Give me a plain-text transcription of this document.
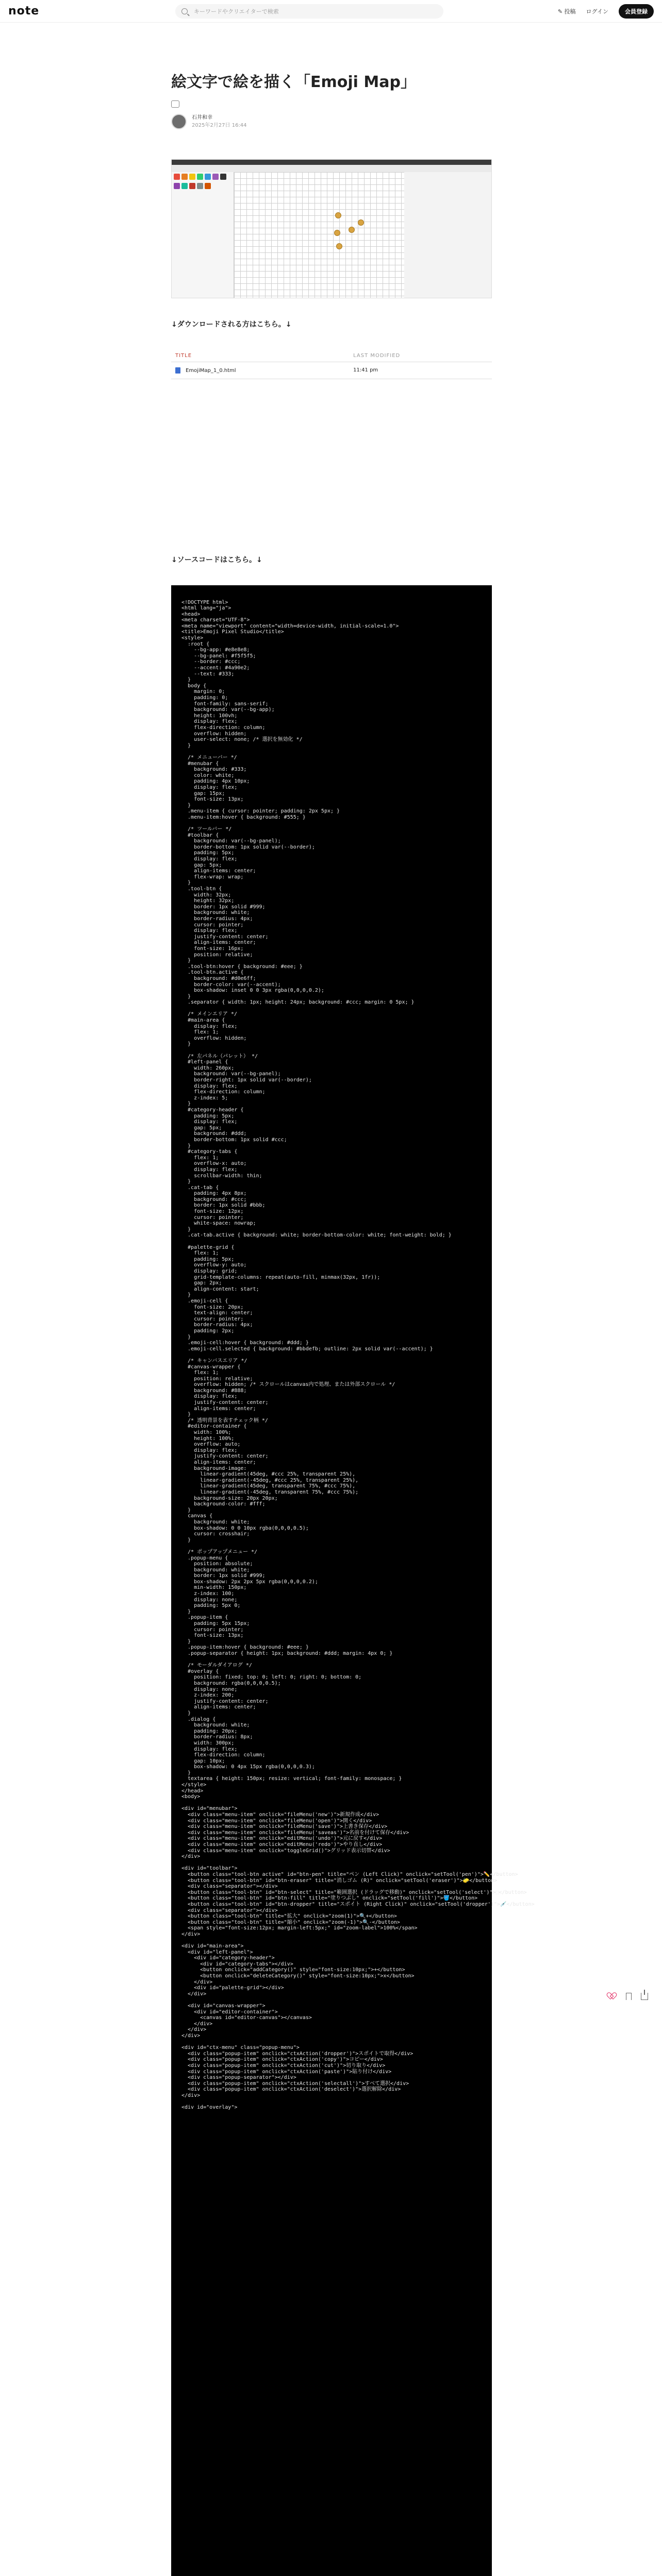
note	キーワードやクリエイターで検索	✎ 投稿 ログイン	会員登録
絵文字で絵を描く「Emoji Map」
石井和幸
2025年2月27日 16:44
↓ダウンロードされる方はこちら。↓
TITLE	LAST MODIFIED
EmojiMap_1_0.html	11:41 pm
↓ソースコードはこちら。↓
<!DOCTYPE html>
<html lang="ja">
<head>
<meta charset="UTF-8">
<meta name="viewport" content="width=device-width, initial-scale=1.0">
<title>Emoji Pixel Studio</title>
<style>
:root {
--bg-app: #e8e8e8;
--bg-panel: #f5f5f5;
--border: #ccc;
--accent: #4a90e2;
--text: #333;
}
body {
margin: 0;
padding: 0;
font-family: sans-serif;
background: var(--bg-app);
height: 100vh;
display: flex;
flex-direction: column;
overflow: hidden;
user-select: none; /* 選択を無効化 */
}

/* メニューバー */
#menubar {
background: #333;
color: white;
padding: 4px 10px;
display: flex;
gap: 15px;
font-size: 13px;
}
.menu-item { cursor: pointer; padding: 2px 5px; }
.menu-item:hover { background: #555; }

/* ツールバー */
#toolbar {
background: var(--bg-panel);
border-bottom: 1px solid var(--border);
padding: 5px;
display: flex;
gap: 5px;
align-items: center;
flex-wrap: wrap;
}
.tool-btn {
width: 32px;
height: 32px;
border: 1px solid #999;
background: white;
border-radius: 4px;
cursor: pointer;
display: flex;
justify-content: center;
align-items: center;
font-size: 16px;
position: relative;
}
.tool-btn:hover { background: #eee; }
.tool-btn.active {
background: #d0e6ff;
border-color: var(--accent);
box-shadow: inset 0 0 3px rgba(0,0,0,0.2);
}
.separator { width: 1px; height: 24px; background: #ccc; margin: 0 5px; }

/* メインエリア */
#main-area {
display: flex;
flex: 1;
overflow: hidden;
}

/* 左パネル（パレット） */
#left-panel {
width: 260px;
background: var(--bg-panel);
border-right: 1px solid var(--border);
display: flex;
flex-direction: column;
z-index: 5;
}
#category-header {
padding: 5px;
display: flex;
gap: 5px;
background: #ddd;
border-bottom: 1px solid #ccc;
}
#category-tabs {
flex: 1;
overflow-x: auto;
display: flex;
scrollbar-width: thin;
}
.cat-tab {
padding: 4px 8px;
background: #ccc;
border: 1px solid #bbb;
font-size: 12px;
cursor: pointer;
white-space: nowrap;
}
.cat-tab.active { background: white; border-bottom-color: white; font-weight: bold; }

#palette-grid {
flex: 1;
padding: 5px;
overflow-y: auto;
display: grid;
grid-template-columns: repeat(auto-fill, minmax(32px, 1fr));
gap: 2px;
align-content: start;
}
.emoji-cell {
font-size: 20px;
text-align: center;
cursor: pointer;
border-radius: 4px;
padding: 2px;
}
.emoji-cell:hover { background: #ddd; }
.emoji-cell.selected { background: #bbdefb; outline: 2px solid var(--accent); }

/* キャンバスエリア */
#canvas-wrapper {
flex: 1;
position: relative;
overflow: hidden; /* スクロールはcanvas内で処理、または外部スクロール */
background: #888;
display: flex;
justify-content: center;
align-items: center;
}
/* 透明背景を表すチェック柄 */
#editor-container {
width: 100%;
height: 100%;
overflow: auto;
display: flex;
justify-content: center;
align-items: center;
background-image:
linear-gradient(45deg, #ccc 25%, transparent 25%),
linear-gradient(-45deg, #ccc 25%, transparent 25%),
linear-gradient(45deg, transparent 75%, #ccc 75%),
linear-gradient(-45deg, transparent 75%, #ccc 75%);
background-size: 20px 20px;
background-color: #fff;
}
canvas {
background: white;
box-shadow: 0 0 10px rgba(0,0,0,0.5);
cursor: crosshair;
}

/* ポップアップメニュー */
.popup-menu {
position: absolute;
background: white;
border: 1px solid #999;
box-shadow: 2px 2px 5px rgba(0,0,0,0.2);
min-width: 150px;
z-index: 100;
display: none;
padding: 5px 0;
}
.popup-item {
padding: 5px 15px;
cursor: pointer;
font-size: 13px;
}
.popup-item:hover { background: #eee; }
.popup-separator { height: 1px; background: #ddd; margin: 4px 0; }

/* モーダルダイアログ */
#overlay {
position: fixed; top: 0; left: 0; right: 0; bottom: 0;
background: rgba(0,0,0,0.5);
display: none;
z-index: 200;
justify-content: center;
align-items: center;
}
.dialog {
background: white;
padding: 20px;
border-radius: 8px;
width: 300px;
display: flex;
flex-direction: column;
gap: 10px;
box-shadow: 0 4px 15px rgba(0,0,0,0.3);
}
textarea { height: 150px; resize: vertical; font-family: monospace; }
</style>
</head>
<body>

<div id="menubar">
<div class="menu-item" onclick="fileMenu('new')">新規作成</div>
<div class="menu-item" onclick="fileMenu('open')">開く</div>
<div class="menu-item" onclick="fileMenu('save')">上書き保存</div>
<div class="menu-item" onclick="fileMenu('saveas')">名前を付けて保存</div>
<div class="menu-item" onclick="editMenu('undo')">元に戻す</div>
<div class="menu-item" onclick="editMenu('redo')">やり直し</div>
<div class="menu-item" onclick="toggleGrid()">グリッド表示切替</div>
</div>

<div id="toolbar">
<button class="tool-btn active" id="btn-pen" title="ペン (Left Click)" onclick="setTool('pen')">✏️</button>
<button class="tool-btn" id="btn-eraser" title="消しゴム (R)" onclick="setTool('eraser')">🧽</button>
<div class="separator"></div>
<button class="tool-btn" id="btn-select" title="範囲選択 (ドラッグで移動)" onclick="setTool('select')">⬚</button>
<button class="tool-btn" id="btn-fill" title="塗りつぶし" onclick="setTool('fill')">🪣</button>
<button class="tool-btn" id="btn-dropper" title="スポイト (Right Click)" onclick="setTool('dropper')">💉</button>
<div class="separator"></div>
<button class="tool-btn" title="拡大" onclick="zoom(1)">🔍+</button>
<button class="tool-btn" title="縮小" onclick="zoom(-1)">🔍-</button>
<span style="font-size:12px; margin-left:5px;" id="zoom-label">100%</span>
</div>

<div id="main-area">
<div id="left-panel">
<div id="category-header">
<div id="category-tabs"></div>
<button onclick="addCategory()" style="font-size:10px;">+</button>
<button onclick="deleteCategory()" style="font-size:10px;">x</button>
</div>
<div id="palette-grid"></div>
</div>

<div id="canvas-wrapper">
<div id="editor-container">
<canvas id="editor-canvas"></canvas>
</div>
</div>
</div>

<div id="ctx-menu" class="popup-menu">
<div class="popup-item" onclick="ctxAction('dropper')">スポイトで取得</div>
<div class="popup-item" onclick="ctxAction('copy')">コピー</div>
<div class="popup-item" onclick="ctxAction('cut')">切り取り</div>
<div class="popup-item" onclick="ctxAction('paste')">貼り付け</div>
<div class="popup-separator"></div>
<div class="popup-item" onclick="ctxAction('selectall')">すべて選択</div>
<div class="popup-item" onclick="ctxAction('deselect')">選択解除</div>
</div>

<div id="overlay">
